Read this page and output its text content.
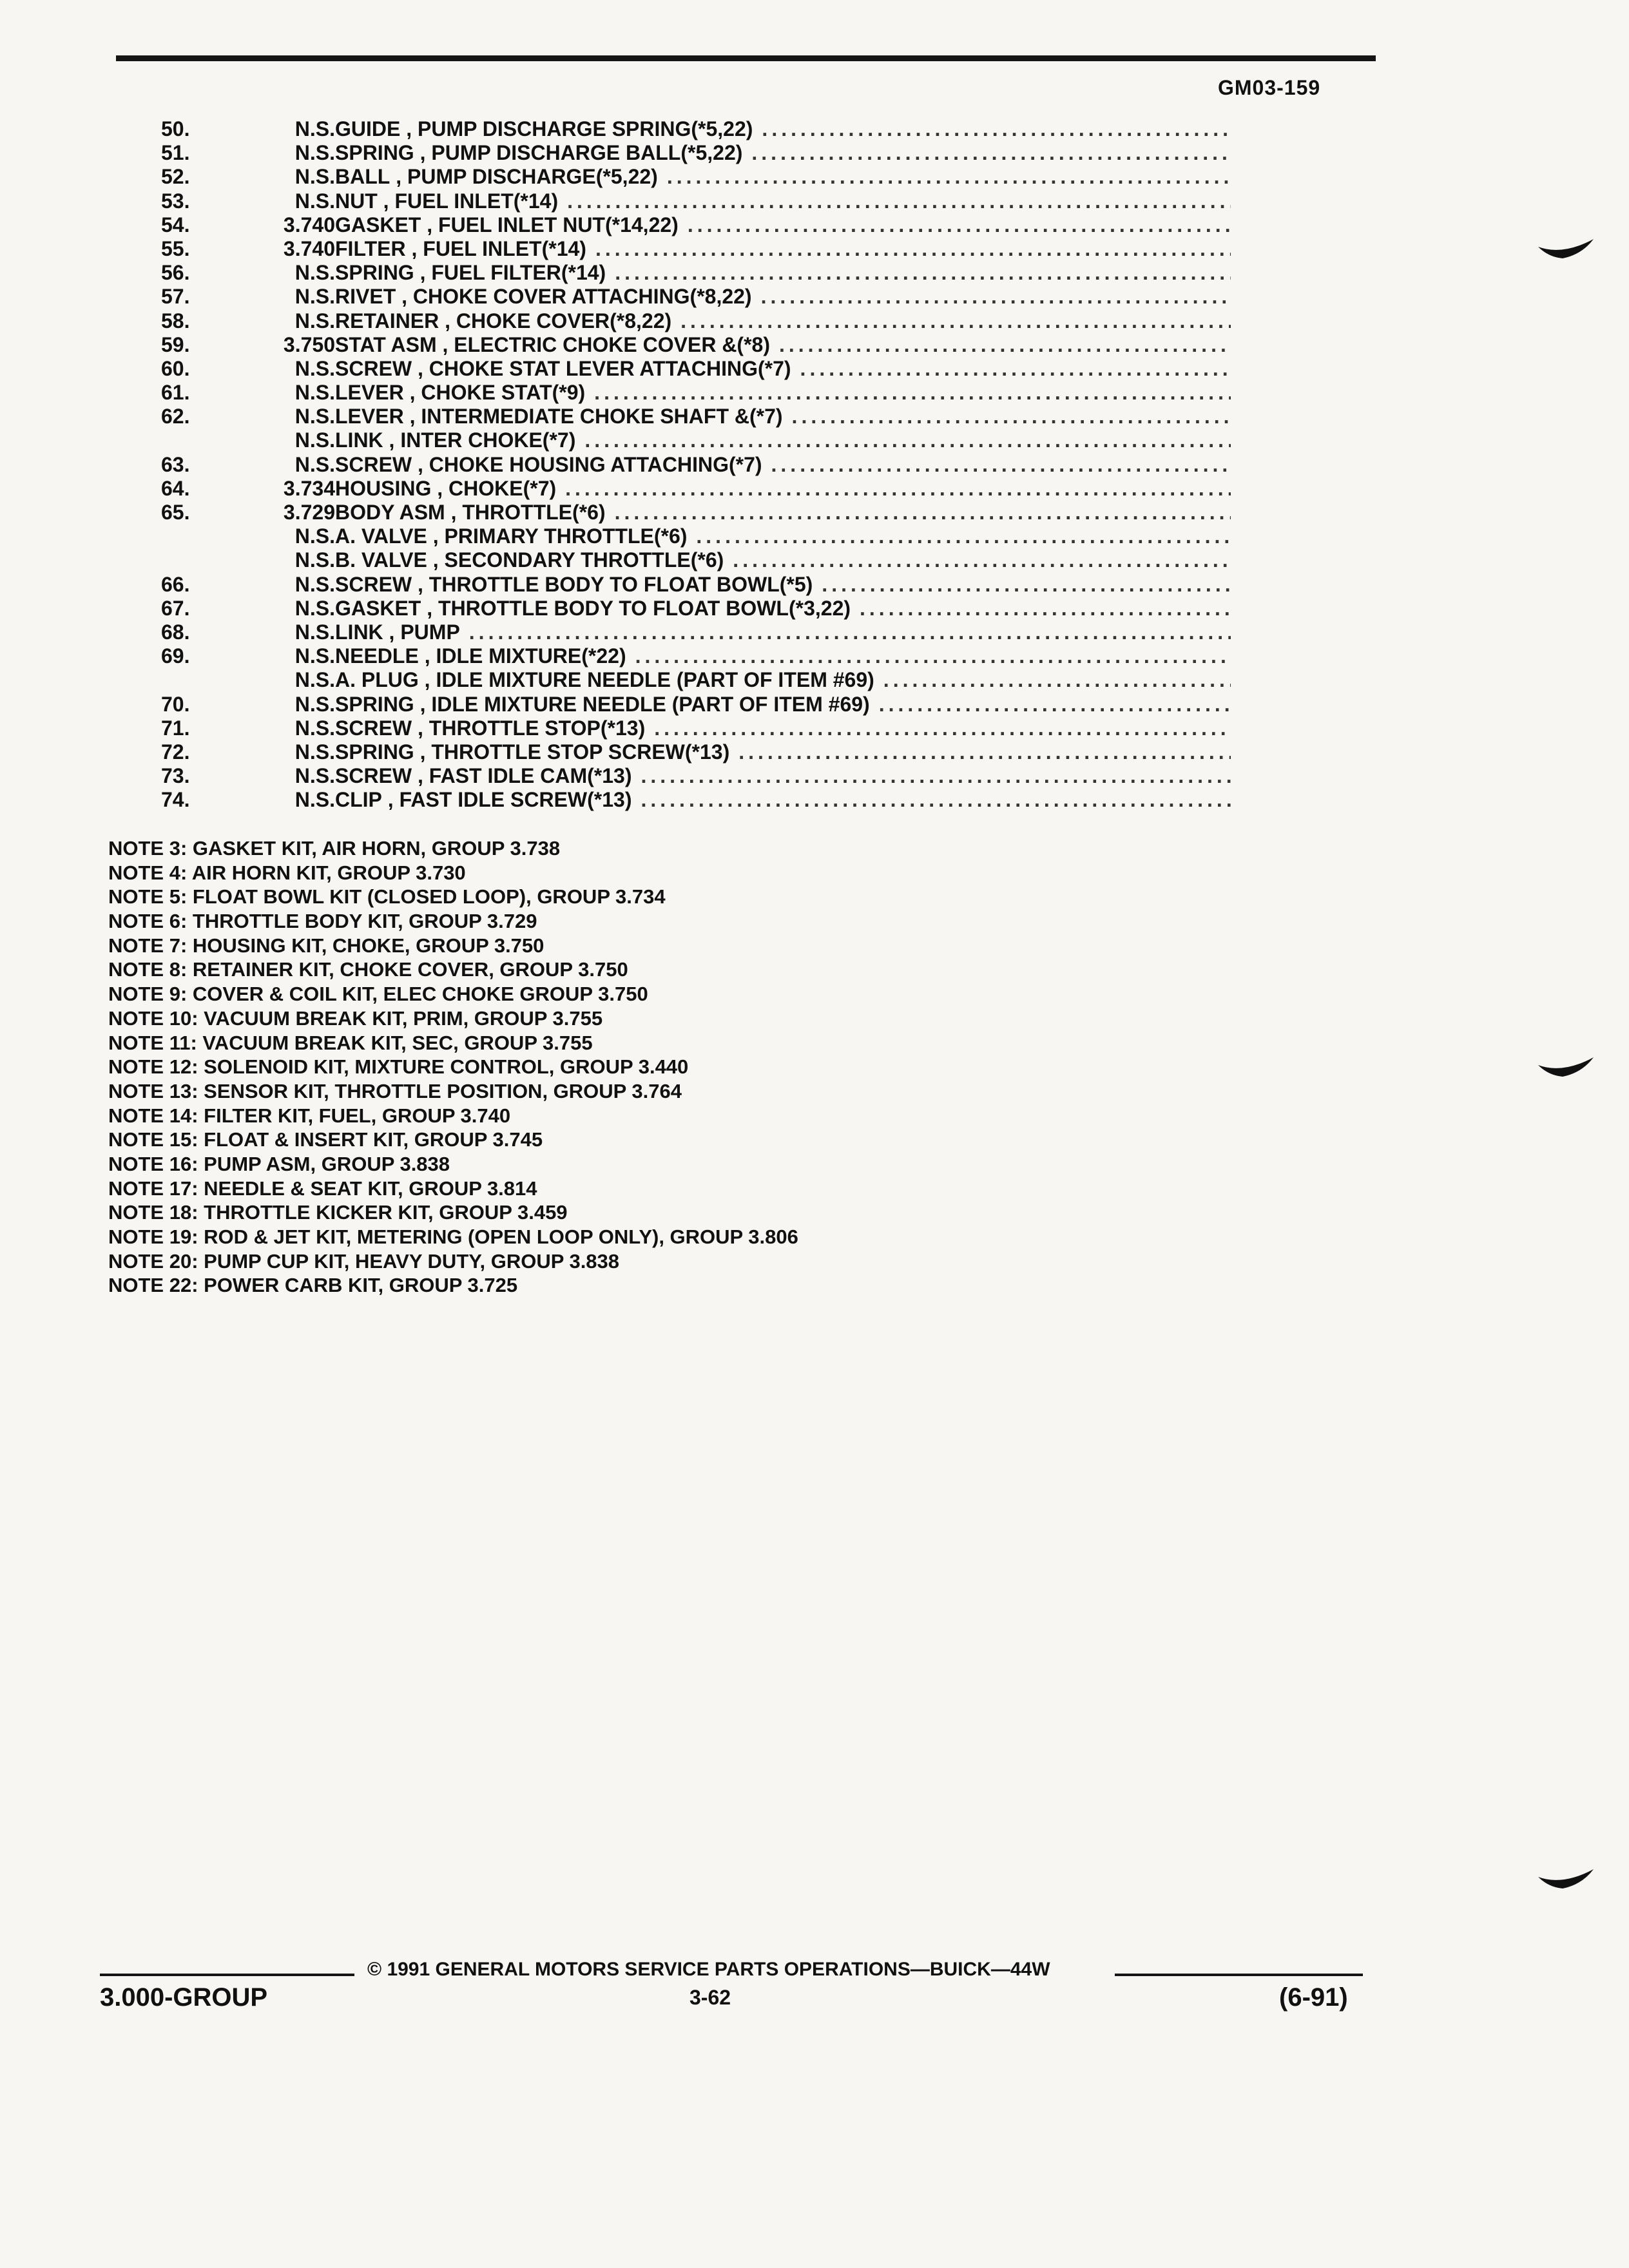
GM03-159
50.	N.S. GUIDE , PUMP DISCHARGE SPRING(*5,22)
.....
51.	N.S. SPRING , PUMP DISCHARGE BALL(*5,22)
.....
52.	N.S. BALL , PUMP DISCHARGE(*5,22)
.....
53.	N.S. NUT , FUEL INLET(*14)
.....
54.	3.740 GASKET , FUEL INLET NUT(*14,22)
.....
55.	3.740 FILTER , FUEL INLET(*14)
.....
56.	N.S. SPRING , FUEL FILTER(*14)
.....
57.	N.S. RIVET , CHOKE COVER ATTACHING(*8,22)
.....
58.	N.S. RETAINER , CHOKE COVER(*8,22)
.....
59.	3.750 STAT ASM , ELECTRIC CHOKE COVER &(*8)
.....
60.	N.S. SCREW , CHOKE STAT LEVER ATTACHING(*7)
.....
61.	N.S. LEVER , CHOKE STAT(*9)
.....
62.	N.S. LEVER , INTERMEDIATE CHOKE SHAFT &(*7)
.....
N.S. LINK , INTER CHOKE(*7)
.....
63.	N.S. SCREW , CHOKE HOUSING ATTACHING(*7)
.....
64.	3.734 HOUSING , CHOKE(*7)
.....
65.	3.729 BODY ASM , THROTTLE(*6)
.....
N.S. A. VALVE , PRIMARY THROTTLE(*6)
.....
N.S. B. VALVE , SECONDARY THROTTLE(*6)
.....
66.	N.S. SCREW , THROTTLE BODY TO FLOAT BOWL(*5)
.....
67.	N.S. GASKET , THROTTLE BODY TO FLOAT BOWL(*3,22)
.....
68.	N.S. LINK , PUMP
.....
69.	N.S. NEEDLE , IDLE MIXTURE(*22)
.....
N.S. A. PLUG , IDLE MIXTURE NEEDLE (PART OF ITEM #69)
.....
70.	N.S. SPRING , IDLE MIXTURE NEEDLE (PART OF ITEM #69)
.....
71.	N.S. SCREW , THROTTLE STOP(*13)
.....
72.	N.S. SPRING , THROTTLE STOP SCREW(*13)
.....
73.	N.S. SCREW , FAST IDLE CAM(*13)
.....
74.	N.S. CLIP , FAST IDLE SCREW(*13)
.....
NOTE 3: GASKET KIT, AIR HORN, GROUP 3.738
NOTE 4: AIR HORN KIT, GROUP 3.730
NOTE 5: FLOAT BOWL KIT (CLOSED LOOP), GROUP 3.734
NOTE 6: THROTTLE BODY KIT, GROUP 3.729
NOTE 7: HOUSING KIT, CHOKE, GROUP 3.750
NOTE 8: RETAINER KIT, CHOKE COVER, GROUP 3.750
NOTE 9: COVER & COIL KIT, ELEC CHOKE GROUP 3.750
NOTE 10: VACUUM BREAK KIT, PRIM, GROUP 3.755
NOTE 11: VACUUM BREAK KIT, SEC, GROUP 3.755
NOTE 12: SOLENOID KIT, MIXTURE CONTROL, GROUP 3.440
NOTE 13: SENSOR KIT, THROTTLE POSITION, GROUP 3.764
NOTE 14: FILTER KIT, FUEL, GROUP 3.740
NOTE 15: FLOAT & INSERT KIT, GROUP 3.745
NOTE 16: PUMP ASM, GROUP 3.838
NOTE 17: NEEDLE & SEAT KIT, GROUP 3.814
NOTE 18: THROTTLE KICKER KIT, GROUP 3.459
NOTE 19: ROD & JET KIT, METERING (OPEN LOOP ONLY), GROUP 3.806
NOTE 20: PUMP CUP KIT, HEAVY DUTY, GROUP 3.838
NOTE 22: POWER CARB KIT, GROUP 3.725
© 1991 GENERAL MOTORS SERVICE PARTS OPERATIONS—BUICK—44W
3.000-GROUP	3-62	(6-91)
